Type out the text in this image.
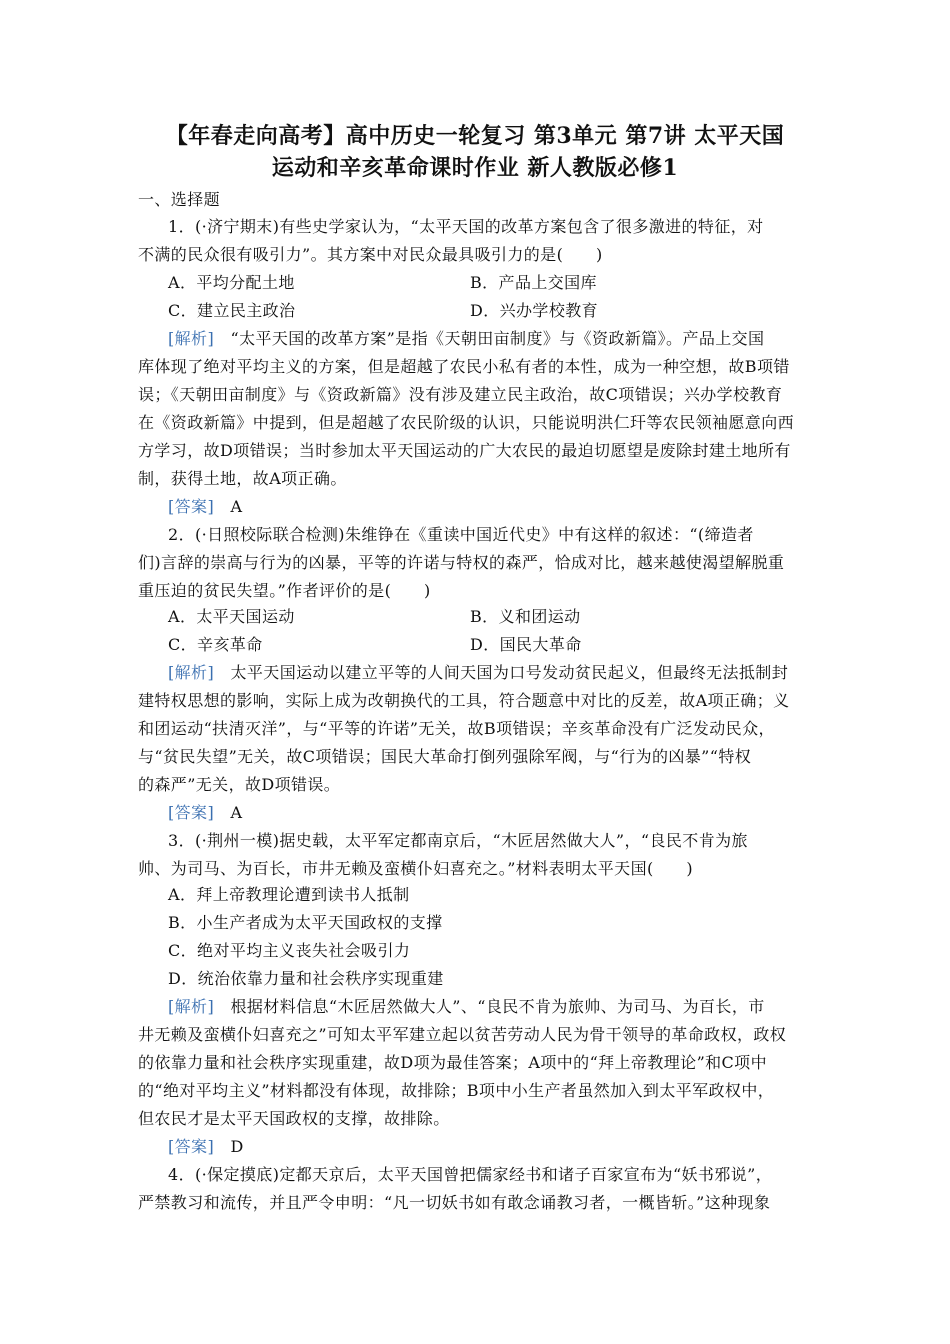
【年春走向高考】高中历史一轮复习 第3单元 第7讲 太平天国
运动和辛亥革命课时作业 新人教版必修1
一、选择题
1．(·济宁期末)有些史学家认为，“太平天国的改革方案包含了很多激进的特征，对
不满的民众很有吸引力”。其方案中对民众最具吸引力的是(　　)
A．平均分配土地	B．产品上交国库
C．建立民主政治	D．兴办学校教育
[解析]　“太平天国的改革方案”是指《天朝田亩制度》与《资政新篇》。产品上交国
库体现了绝对平均主义的方案，但是超越了农民小私有者的本性，成为一种空想，故B项错
误；《天朝田亩制度》与《资政新篇》没有涉及建立民主政治，故C项错误；兴办学校教育
在《资政新篇》中提到，但是超越了农民阶级的认识，只能说明洪仁玕等农民领袖愿意向西
方学习，故D项错误；当时参加太平天国运动的广大农民的最迫切愿望是废除封建土地所有
制，获得土地，故A项正确。
[答案]　A
2．(·日照校际联合检测)朱维铮在《重读中国近代史》中有这样的叙述：“(缔造者
们)言辞的崇高与行为的凶暴，平等的许诺与特权的森严，恰成对比，越来越使渴望解脱重
重压迫的贫民失望。”作者评价的是(　　)
A．太平天国运动	B．义和团运动
C．辛亥革命	D．国民大革命
[解析]　太平天国运动以建立平等的人间天国为口号发动贫民起义，但最终无法抵制封
建特权思想的影响，实际上成为改朝换代的工具，符合题意中对比的反差，故A项正确；义
和团运动“扶清灭洋”，与“平等的许诺”无关，故B项错误；辛亥革命没有广泛发动民众，
与“贫民失望”无关，故C项错误；国民大革命打倒列强除军阀，与“行为的凶暴”“特权
的森严”无关，故D项错误。
[答案]　A
3．(·荆州一模)据史载，太平军定都南京后，“木匠居然做大人”，“良民不肯为旅
帅、为司马、为百长，市井无赖及蛮横仆妇喜充之。”材料表明太平天国(　　)
A．拜上帝教理论遭到读书人抵制
B．小生产者成为太平天国政权的支撑
C．绝对平均主义丧失社会吸引力
D．统治依靠力量和社会秩序实现重建
[解析]　根据材料信息“木匠居然做大人”、“良民不肯为旅帅、为司马、为百长，市
井无赖及蛮横仆妇喜充之”可知太平军建立起以贫苦劳动人民为骨干领导的革命政权，政权
的依靠力量和社会秩序实现重建，故D项为最佳答案；A项中的“拜上帝教理论”和C项中
的“绝对平均主义”材料都没有体现，故排除；B项中小生产者虽然加入到太平军政权中，
但农民才是太平天国政权的支撑，故排除。
[答案]　D
4．(·保定摸底)定都天京后，太平天国曾把儒家经书和诸子百家宣布为“妖书邪说”，
严禁教习和流传，并且严令申明：“凡一切妖书如有敢念诵教习者，一概皆斩。”这种现象
